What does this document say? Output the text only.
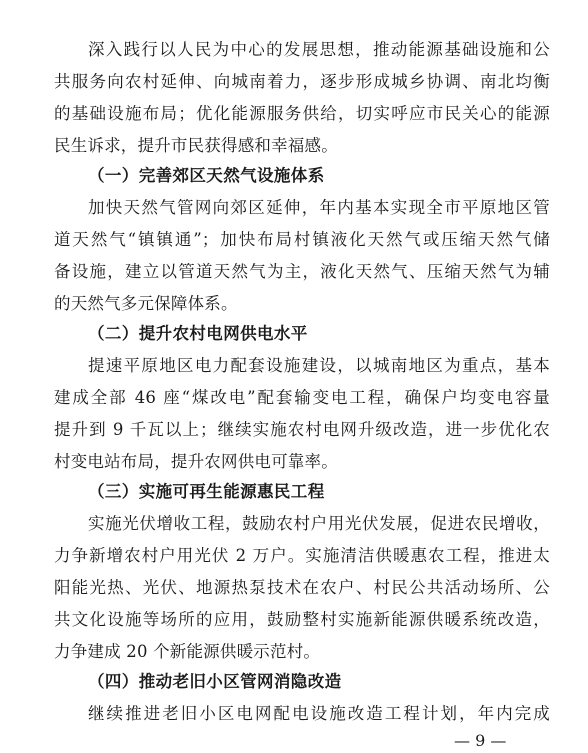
深入践行以人民为中心的发展思想，推动能源基础设施和公
共服务向农村延伸、向城南着力，逐步形成城乡协调、南北均衡
的基础设施布局；优化能源服务供给，切实呼应市民关心的能源
民生诉求，提升市民获得感和幸福感。
（一）完善郊区天然气设施体系
加快天然气管网向郊区延伸，年内基本实现全市平原地区管
道天然气“镇镇通”；加快布局村镇液化天然气或压缩天然气储
备设施，建立以管道天然气为主，液化天然气、压缩天然气为辅
的天然气多元保障体系。
（二）提升农村电网供电水平
提速平原地区电力配套设施建设，以城南地区为重点，基本
建成全部 46 座“煤改电”配套输变电工程，确保户均变电容量
提升到 9 千瓦以上；继续实施农村电网升级改造，进一步优化农
村变电站布局，提升农网供电可靠率。
（三）实施可再生能源惠民工程
实施光伏增收工程，鼓励农村户用光伏发展，促进农民增收，
力争新增农村户用光伏 2 万户。实施清洁供暖惠农工程，推进太
阳能光热、光伏、地源热泵技术在农户、村民公共活动场所、公
共文化设施等场所的应用，鼓励整村实施新能源供暖系统改造，
力争建成 20 个新能源供暖示范村。
— 9 —
（四）推动老旧小区管网消隐改造
继续推进老旧小区电网配电设施改造工程计划，年内完成
